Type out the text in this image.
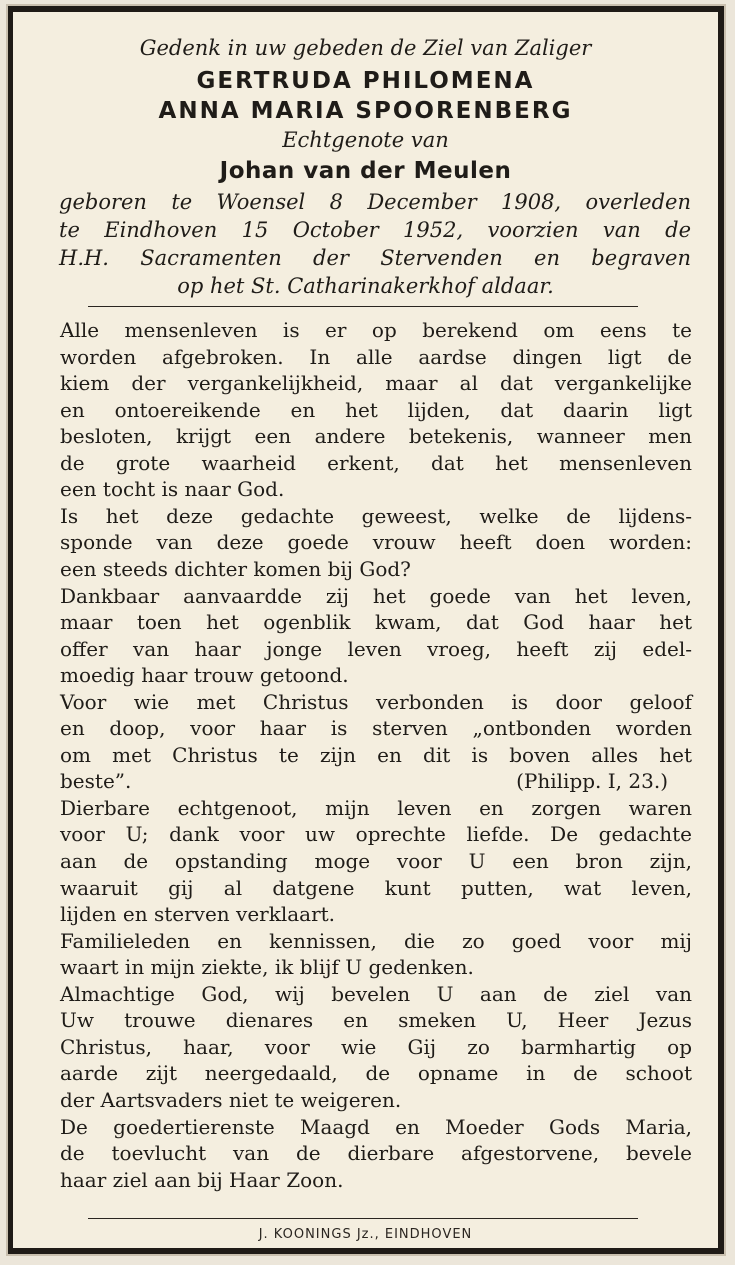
Gedenk in uw gebeden de Ziel van Zaliger

GERTRUDA PHILOMENA

ANNA MARIA SPOORENBERG

Echtgenote van

Johan van der Meulen

geboren te Woensel 8 December 1908, overleden

te Eindhoven 15 October 1952, voorzien van de

H.H. Sacramenten der Stervenden en begraven

op het St. Catharinakerkhof aldaar.

Alle mensenleven is er op berekend om eens te

worden afgebroken. In alle aardse dingen ligt de

kiem der vergankelijkheid, maar al dat vergankelijke

en ontoereikende en het lijden, dat daarin ligt

besloten, krijgt een andere betekenis, wanneer men

de grote waarheid erkent, dat het mensenleven

een tocht is naar God.

Is het deze gedachte geweest, welke de lijdens-

sponde van deze goede vrouw heeft doen worden:

een steeds dichter komen bij God?

Dankbaar aanvaardde zij het goede van het leven,

maar toen het ogenblik kwam, dat God haar het

offer van haar jonge leven vroeg, heeft zij edel-

moedig haar trouw getoond.

Voor wie met Christus verbonden is door geloof

en doop, voor haar is sterven „ontbonden worden

om met Christus te zijn en dit is boven alles het

beste”.	(Philipp. I, 23.)

Dierbare echtgenoot, mijn leven en zorgen waren

voor U; dank voor uw oprechte liefde. De gedachte

aan de opstanding moge voor U een bron zijn,

waaruit gij al datgene kunt putten, wat leven,

lijden en sterven verklaart.

Familieleden en kennissen, die zo goed voor mij

waart in mijn ziekte, ik blijf U gedenken.

Almachtige God, wij bevelen U aan de ziel van

Uw trouwe dienares en smeken U, Heer Jezus

Christus, haar, voor wie Gij zo barmhartig op

aarde zijt neergedaald, de opname in de schoot

der Aartsvaders niet te weigeren.

De goedertierenste Maagd en Moeder Gods Maria,

de toevlucht van de dierbare afgestorvene, bevele

haar ziel aan bij Haar Zoon.

J. KOONINGS Jz., EINDHOVEN
